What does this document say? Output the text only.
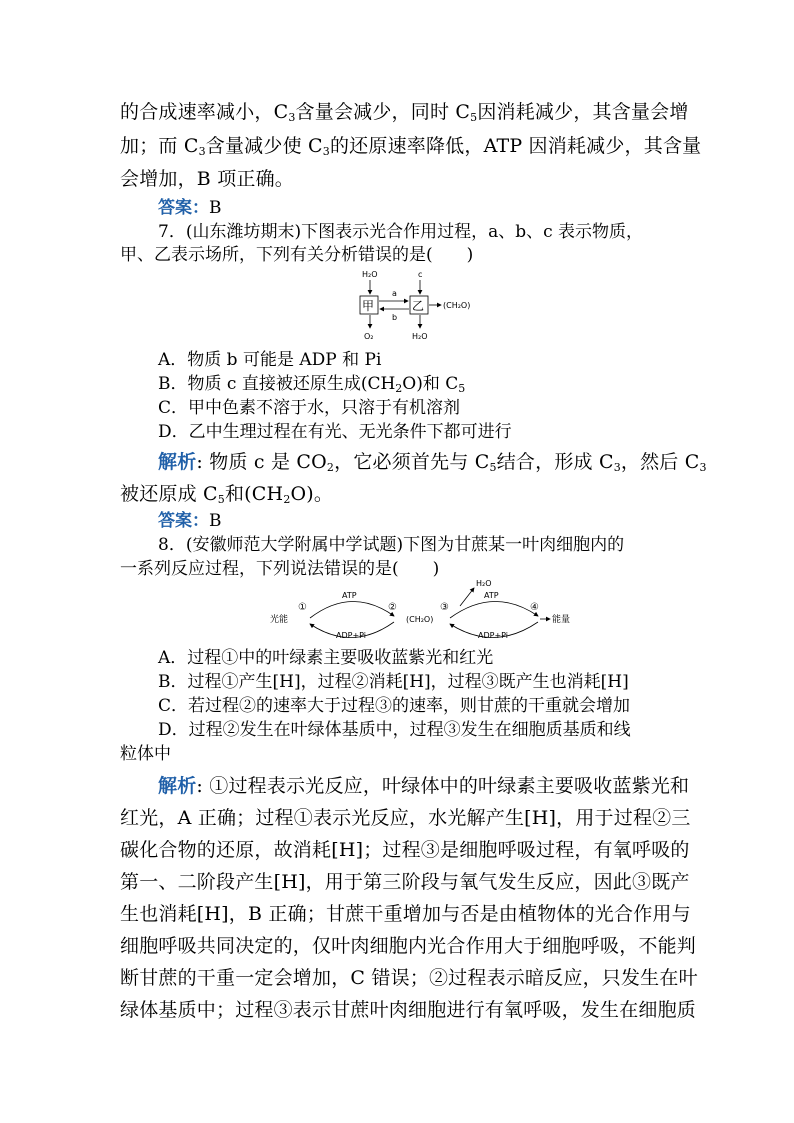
的合成速率减小，$C_3$含量会减少，同时 $C_5$因消耗减少，其含量会增
加；而 $C_3$含量减少使 $C_3$的还原速率降低，ATP 因消耗减少，其含量
会增加，B 项正确。
答案：B
7．(山东潍坊期末)下图表示光合作用过程，a、b、c 表示物质，
甲、乙表示场所，下列有关分析错误的是(　　)
H₂O	c
甲	乙
a
b
(CH₂O)
O₂	H₂O
A．物质 b 可能是 ADP 和 Pi
B．物质 c 直接被还原生成$(CH_2O)$和 $C_5$
C．甲中色素不溶于水，只溶于有机溶剂
D．乙中生理过程在有光、无光条件下都可进行
解析: 物质 c 是 $CO_2$，它必须首先与 $C_5$结合，形成 $C_3$，然后 $C_3$
被还原成 $C_5$和$(CH_2O)$。
答案：B
8．(安徽师范大学附属中学试题)下图为甘蔗某一叶肉细胞内的
一系列反应过程，下列说法错误的是(　　)
光能
①
ATP
ADP+Pi
②
(CH₂O)
③
H₂O
ATP
ADP+Pi
④
能量
A．过程①中的叶绿素主要吸收蓝紫光和红光
B．过程①产生[H]，过程②消耗[H]，过程③既产生也消耗[H]
C．若过程②的速率大于过程③的速率，则甘蔗的干重就会增加
D．过程②发生在叶绿体基质中，过程③发生在细胞质基质和线
粒体中
解析: ①过程表示光反应，叶绿体中的叶绿素主要吸收蓝紫光和
红光，A 正确；过程①表示光反应，水光解产生[H]，用于过程②三
碳化合物的还原，故消耗[H]；过程③是细胞呼吸过程，有氧呼吸的
第一、二阶段产生[H]，用于第三阶段与氧气发生反应，因此③既产
生也消耗[H]，B 正确；甘蔗干重增加与否是由植物体的光合作用与
细胞呼吸共同决定的，仅叶肉细胞内光合作用大于细胞呼吸，不能判
断甘蔗的干重一定会增加，C 错误；②过程表示暗反应，只发生在叶
绿体基质中；过程③表示甘蔗叶肉细胞进行有氧呼吸，发生在细胞质
